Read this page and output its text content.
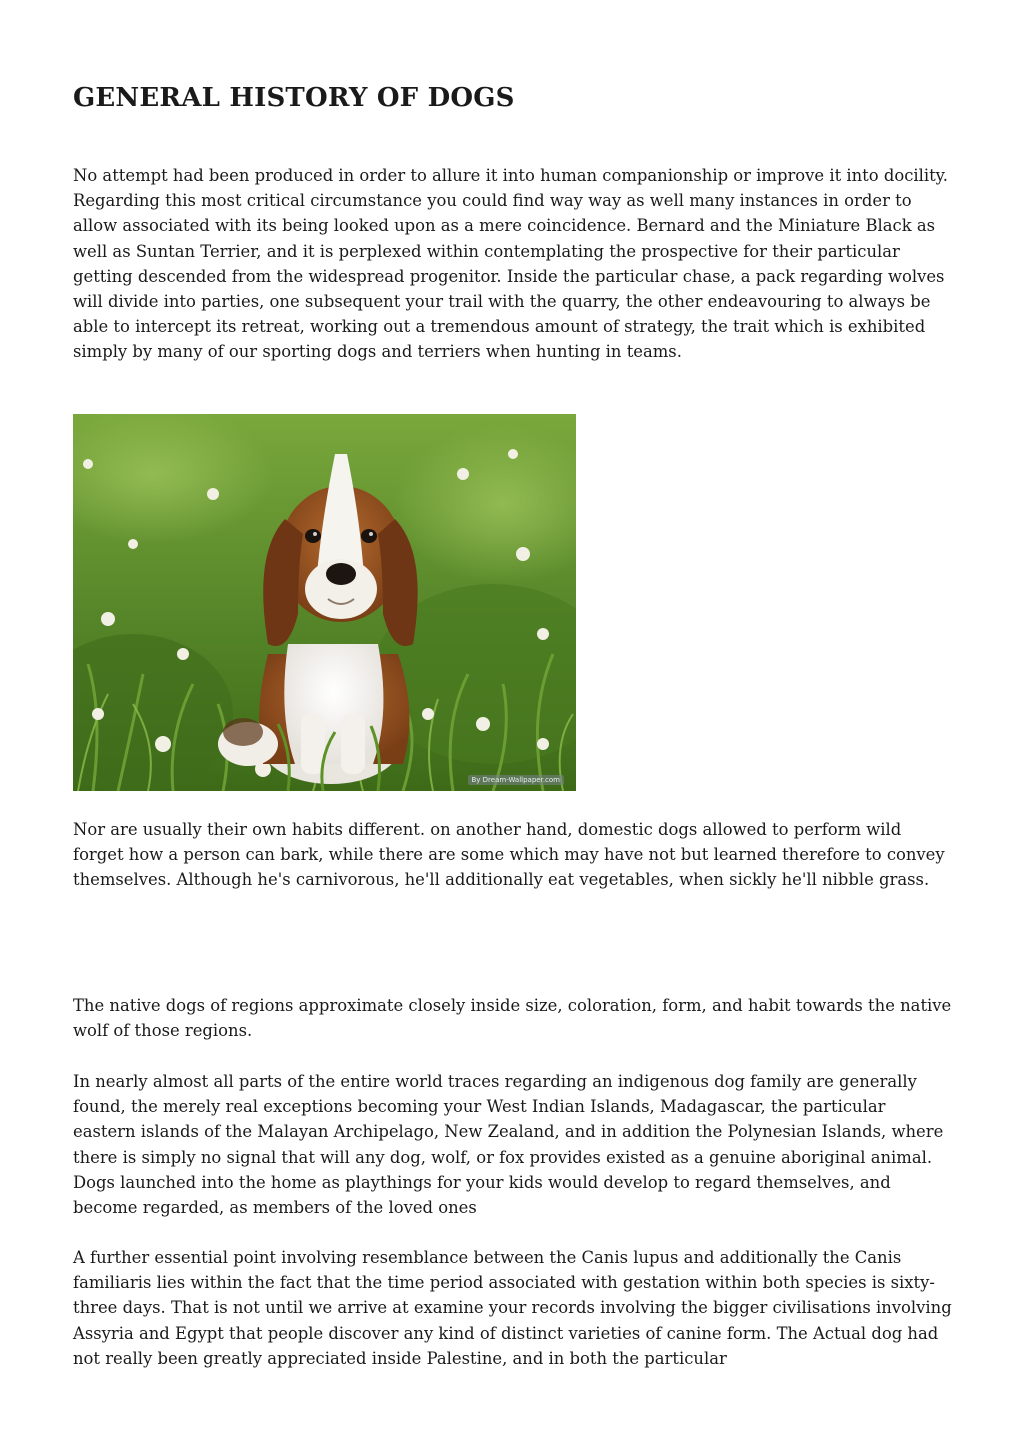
GENERAL HISTORY OF DOGS

No attempt had been produced in order to allure it into human companionship or improve it into docility. Regarding this most critical circumstance you could find way way as well many instances in order to allow associated with its being looked upon as a mere coincidence. Bernard and the Miniature Black as well as Suntan Terrier, and it is perplexed within contemplating the prospective for their particular getting descended from the widespread progenitor. Inside the particular chase, a pack regarding wolves will divide into parties, one subsequent your trail with the quarry, the other endeavouring to always be able to intercept its retreat, working out a tremendous amount of strategy, the trait which is exhibited simply by many of our sporting dogs and terriers when hunting in teams.

By Dream-Wallpaper.com

Nor are usually their own habits different. on another hand, domestic dogs allowed to perform wild forget how a person can bark, while there are some which may have not but learned therefore to convey themselves. Although he's carnivorous, he'll additionally eat vegetables, when sickly he'll nibble grass.

The native dogs of regions approximate closely inside size, coloration, form, and habit towards the native wolf of those regions.

In nearly almost all parts of the entire world traces regarding an indigenous dog family are generally found, the merely real exceptions becoming your West Indian Islands, Madagascar, the particular eastern islands of the Malayan Archipelago, New Zealand, and in addition the Polynesian Islands, where there is simply no signal that will any dog, wolf, or fox provides existed as a genuine aboriginal animal. Dogs launched into the home as playthings for your kids would develop to regard themselves, and become regarded, as members of the loved ones

A further essential point involving resemblance between the Canis lupus and additionally the Canis familiaris lies within the fact that the time period associated with gestation within both species is sixty-three days. That is not until we arrive at examine your records involving the bigger civilisations involving Assyria and Egypt that people discover any kind of distinct varieties of canine form. The Actual dog had not really been greatly appreciated inside Palestine, and in both the particular
